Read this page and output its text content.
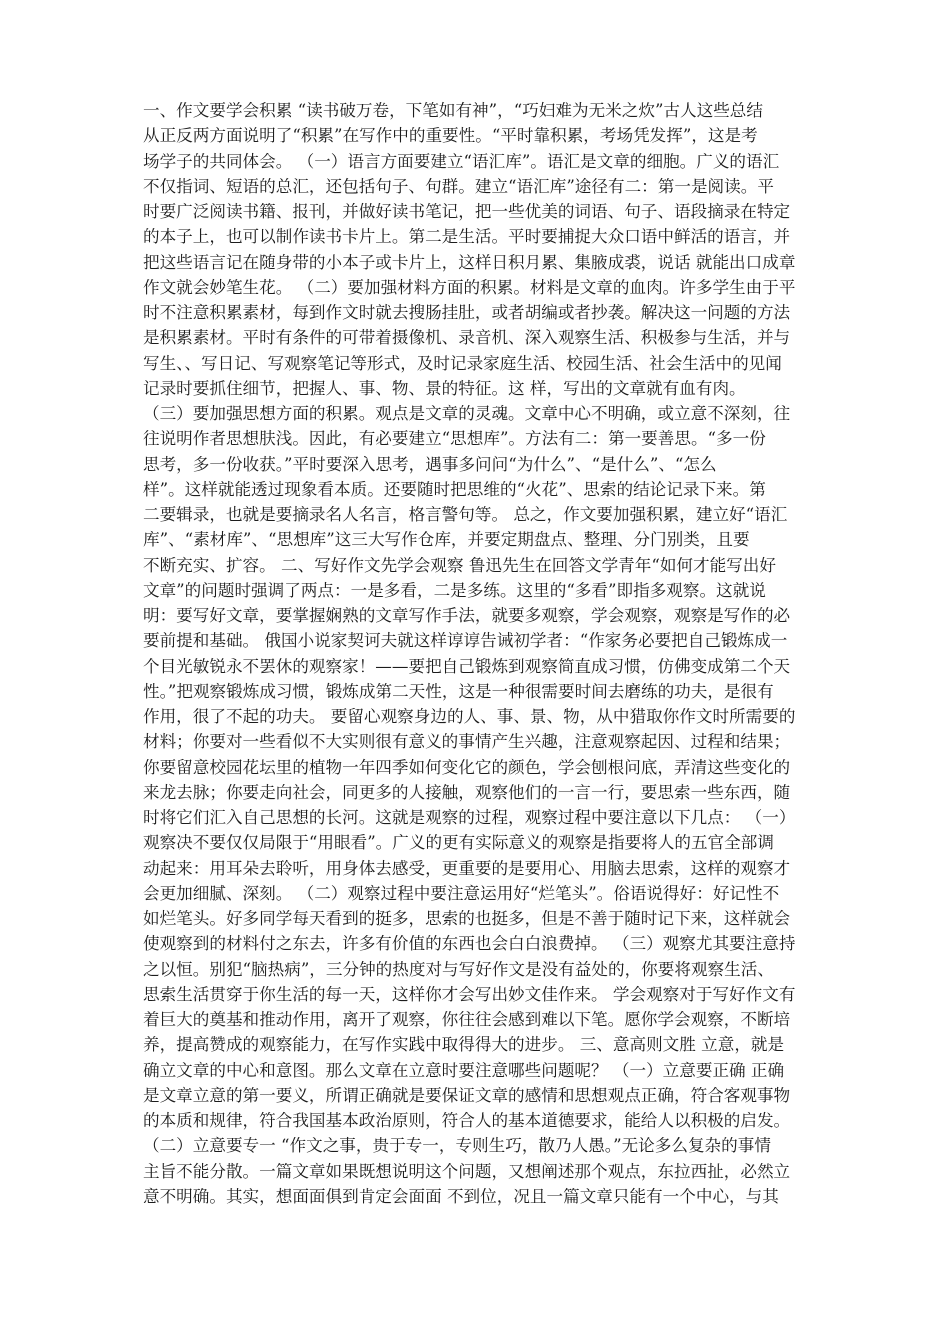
一、作文要学会积累 “读书破万卷，下笔如有神”，“巧妇难为无米之炊”古人这些总结
从正反两方面说明了“积累”在写作中的重要性。“平时靠积累，考场凭发挥”，这是考
场学子的共同体会。 （一）语言方面要建立“语汇库”。语汇是文章的细胞。广义的语汇
不仅指词、短语的总汇，还包括句子、句群。建立“语汇库”途径有二：第一是阅读。平
时要广泛阅读书籍、报刊，并做好读书笔记，把一些优美的词语、句子、语段摘录在特定
的本子上，也可以制作读书卡片上。第二是生活。平时要捕捉大众口语中鲜活的语言，并
把这些语言记在随身带的小本子或卡片上，这样日积月累、集腋成裘，说话 就能出口成章
作文就会妙笔生花。 （二）要加强材料方面的积累。材料是文章的血肉。许多学生由于平
时不注意积累素材，每到作文时就去搜肠挂肚，或者胡编或者抄袭。解决这一问题的方法
是积累素材。平时有条件的可带着摄像机、录音机、深入观察生活、积极参与生活，并与
写生、、写日记、写观察笔记等形式，及时记录家庭生活、校园生活、社会生活中的见闻
记录时要抓住细节，把握人、事、物、景的特征。这 样，写出的文章就有血有肉。
（三）要加强思想方面的积累。观点是文章的灵魂。文章中心不明确，或立意不深刻，往
往说明作者思想肤浅。因此，有必要建立“思想库”。方法有二：第一要善思。“多一份
思考，多一份收获。”平时要深入思考，遇事多问问“为什么”、“是什么”、“怎么
样”。这样就能透过现象看本质。还要随时把思维的“火花”、思索的结论记录下来。第
二要辑录，也就是要摘录名人名言，格言警句等。 总之，作文要加强积累，建立好“语汇
库”、“素材库”、“思想库”这三大写作仓库，并要定期盘点、整理、分门别类，且要
不断充实、扩容。 二、写好作文先学会观察 鲁迅先生在回答文学青年“如何才能写出好
文章”的问题时强调了两点：一是多看，二是多练。这里的“多看”即指多观察。这就说
明：要写好文章，要掌握娴熟的文章写作手法，就要多观察，学会观察，观察是写作的必
要前提和基础。 俄国小说家契诃夫就这样谆谆告诫初学者：“作家务必要把自己锻炼成一
个目光敏锐永不罢休的观察家！——要把自己锻炼到观察简直成习惯，仿佛变成第二个天
性。”把观察锻炼成习惯，锻炼成第二天性，这是一种很需要时间去磨练的功夫，是很有
作用，很了不起的功夫。 要留心观察身边的人、事、景、物，从中猎取你作文时所需要的
材料；你要对一些看似不大实则很有意义的事情产生兴趣，注意观察起因、过程和结果；
你要留意校园花坛里的植物一年四季如何变化它的颜色，学会刨根问底，弄清这些变化的
来龙去脉；你要走向社会，同更多的人接触，观察他们的一言一行，要思索一些东西，随
时将它们汇入自己思想的长河。这就是观察的过程，观察过程中要注意以下几点： （一）
观察决不要仅仅局限于“用眼看”。广义的更有实际意义的观察是指要将人的五官全部调
动起来：用耳朵去聆听，用身体去感受，更重要的是要用心、用脑去思索，这样的观察才
会更加细腻、深刻。 （二）观察过程中要注意运用好“烂笔头”。俗语说得好：好记性不
如烂笔头。好多同学每天看到的挺多，思索的也挺多，但是不善于随时记下来，这样就会
使观察到的材料付之东去，许多有价值的东西也会白白浪费掉。 （三）观察尤其要注意持
之以恒。别犯“脑热病”，三分钟的热度对与写好作文是没有益处的，你要将观察生活、
思索生活贯穿于你生活的每一天，这样你才会写出妙文佳作来。 学会观察对于写好作文有
着巨大的奠基和推动作用，离开了观察，你往往会感到难以下笔。愿你学会观察，不断培
养，提高赞成的观察能力，在写作实践中取得得大的进步。 三、意高则文胜 立意，就是
确立文章的中心和意图。那么文章在立意时要注意哪些问题呢？ （一）立意要正确 正确
是文章立意的第一要义，所谓正确就是要保证文章的感情和思想观点正确，符合客观事物
的本质和规律，符合我国基本政治原则，符合人的基本道德要求，能给人以积极的启发。
（二）立意要专一 “作文之事，贵于专一，专则生巧，散乃人愚。”无论多么复杂的事情
主旨不能分散。一篇文章如果既想说明这个问题，又想阐述那个观点，东拉西扯，必然立
意不明确。其实，想面面俱到肯定会面面 不到位，况且一篇文章只能有一个中心，与其
